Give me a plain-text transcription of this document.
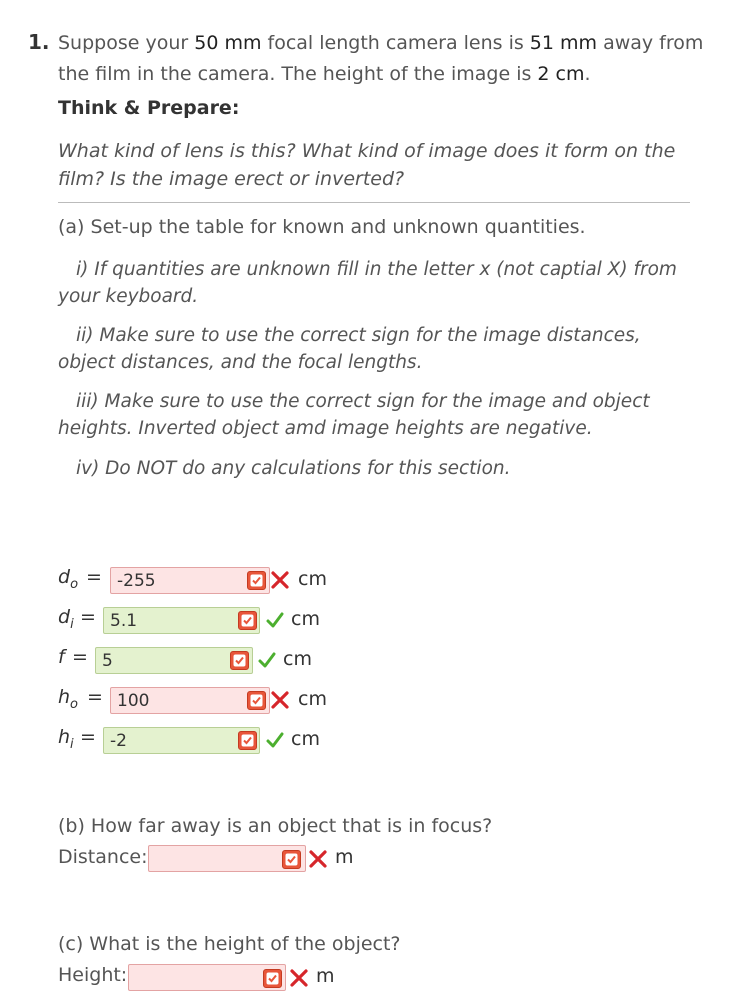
1. Suppose your 50 mm focal length camera lens is 51 mm away from the film in the camera. The height of the image is 2 cm.
Think & Prepare:
What kind of lens is this? What kind of image does it form on the film? Is the image erect or inverted?
(a) Set-up the table for known and unknown quantities.
i) If quantities are unknown fill in the letter x (not captial X) from
your keyboard.
ii) Make sure to use the correct sign for the image distances,
object distances, and the focal lengths.
iii) Make sure to use the correct sign for the image and object
heights. Inverted object amd image heights are negative.
iv) Do NOT do any calculations for this section.
$d_o = -255$	cm
$d_i = 5.1$	cm
f = 5	cm
$h_o = 100$	cm
$h_i = -2$	cm
(b) How far away is an object that is in focus?
Distance:	m
(c) What is the height of the object?
Height:	m
